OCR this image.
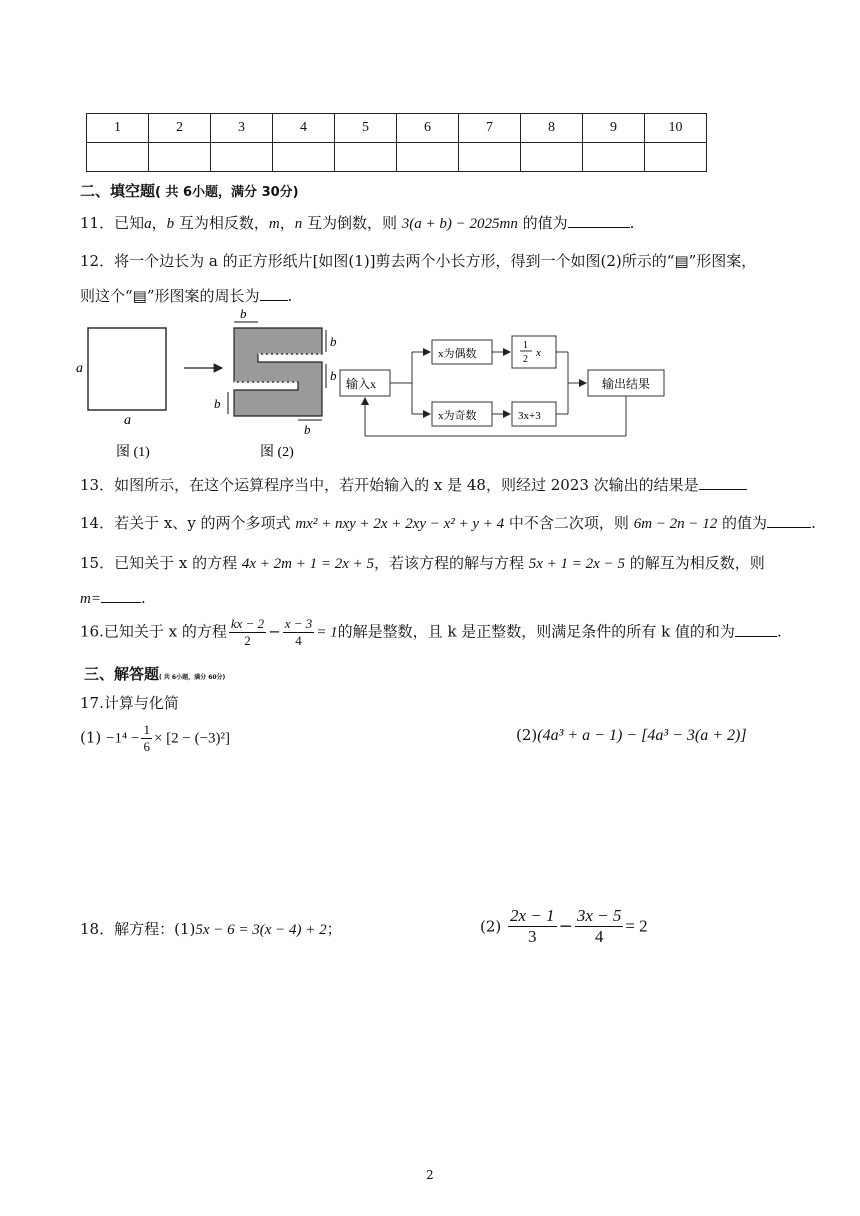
1	2	3	4	5	6	7	8	9	10

二、填空题( 共 6小题，满分 30分)
11．已知a，b 互为相反数，m，n 互为倒数，则 3(a + b) − 2025mn 的值为	.
12．将一个边长为 a 的正方形纸片[如图(1)]剪去两个小长方形，得到一个如图(2)所示的“▤”形图案，
则这个“▤”形图案的周长为 .
a
a
图 (1)
b
b
b
b
b
图 (2)
输入x
x为偶数
x为奇数
1
2
x
3x+3
输出结果
13．如图所示，在这个运算程序当中，若开始输入的 x 是 48，则经过 2023 次输出的结果是
14．若关于 x、y 的两个多项式 mx² + nxy + 2x + 2xy − x² + y + 4 中不含二次项，则 6m − 2n − 12 的值为	.
15．已知关于 x 的方程 4x + 2m + 1 = 2x + 5，若该方程的解与方程 5x + 1 = 2x − 5 的解互为相反数，则
m=	.
16.已知关于 x 的方程 $\frac{kx - 2}{2} - \frac{x - 3}{4} = 1$的解是整数，且 k 是正整数，则满足条件的所有 k 值的和为	.
三、解答题( 共 6小题，满分 60分)
17.计算与化简
$(1) -1^4 - \frac{1}{6} \times [2 - (-3)^2]$	(2)(4a³ + a − 1) − [4a³ − 3(a + 2)]
18．解方程：(1)5x − 6 = 3(x − 4) + 2；	$(2) \frac{2x - 1}{3} - \frac{3x - 5}{4} = 2$
2
